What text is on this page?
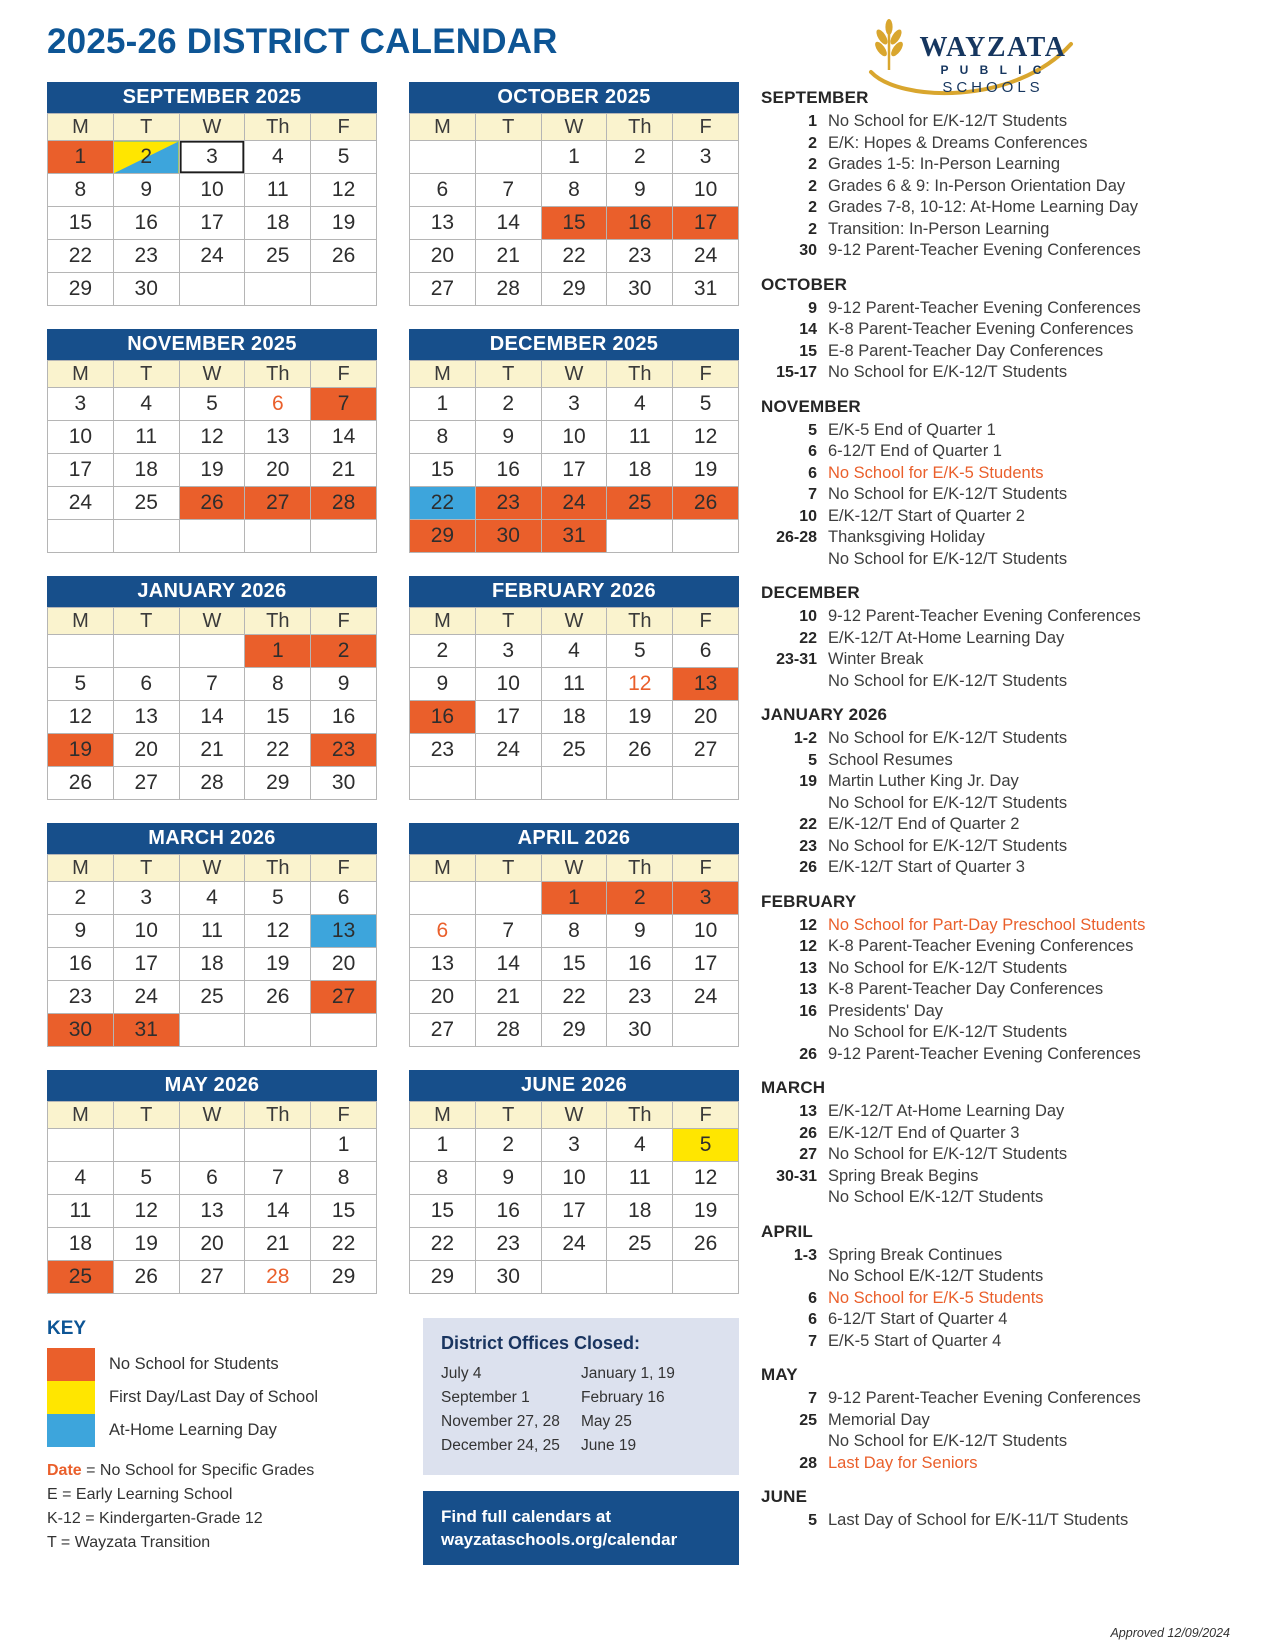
2025-26 DISTRICT CALENDAR	WAYZATA
P U B L I C
SCHOOLS
SEPTEMBER 2025
M	T	W	Th	F
1	2	3	4	5
8	9	10	11	12
15	16	17	18	19
22	23	24	25	26
29	30			
OCTOBER 2025
M	T	W	Th	F
		1	2	3
6	7	8	9	10
13	14	15	16	17
20	21	22	23	24
27	28	29	30	31
NOVEMBER 2025
M	T	W	Th	F
3	4	5	6	7
10	11	12	13	14
17	18	19	20	21
24	25	26	27	28

DECEMBER 2025
M	T	W	Th	F
1	2	3	4	5
8	9	10	11	12
15	16	17	18	19
22	23	24	25	26
29	30	31		
JANUARY 2026
M	T	W	Th	F
			1	2
5	6	7	8	9
12	13	14	15	16
19	20	21	22	23
26	27	28	29	30
FEBRUARY 2026
M	T	W	Th	F
2	3	4	5	6
9	10	11	12	13
16	17	18	19	20
23	24	25	26	27

MARCH 2026
M	T	W	Th	F
2	3	4	5	6
9	10	11	12	13
16	17	18	19	20
23	24	25	26	27
30	31			
APRIL 2026
M	T	W	Th	F
		1	2	3
6	7	8	9	10
13	14	15	16	17
20	21	22	23	24
27	28	29	30	
MAY 2026
M	T	W	Th	F
				1
4	5	6	7	8
11	12	13	14	15
18	19	20	21	22
25	26	27	28	29
JUNE 2026
M	T	W	Th	F
1	2	3	4	5
8	9	10	11	12
15	16	17	18	19
22	23	24	25	26
29	30			
KEY
No School for Students
First Day/Last Day of School
At-Home Learning Day
Date = No School for Specific Grades
E = Early Learning School
K-12 = Kindergarten-Grade 12
T = Wayzata Transition
District Offices Closed:
July 4
September 1
November 27, 28
December 24, 25
January 1, 19
February 16
May 25
June 19
Find full calendars at
wayzataschools.org/calendar
SEPTEMBER
1 No School for E/K-12/T Students
2 E/K: Hopes & Dreams Conferences
2 Grades 1-5: In-Person Learning
2 Grades 6 & 9: In-Person Orientation Day
2 Grades 7-8, 10-12: At-Home Learning Day
2 Transition: In-Person Learning
30 9-12 Parent-Teacher Evening Conferences
OCTOBER
9 9-12 Parent-Teacher Evening Conferences
14 K-8 Parent-Teacher Evening Conferences
15 E-8 Parent-Teacher Day Conferences
15-17 No School for E/K-12/T Students
NOVEMBER
5 E/K-5 End of Quarter 1
6 6-12/T End of Quarter 1
6 No School for E/K-5 Students
7 No School for E/K-12/T Students
10 E/K-12/T Start of Quarter 2
26-28 Thanksgiving Holiday
No School for E/K-12/T Students
DECEMBER
10 9-12 Parent-Teacher Evening Conferences
22 E/K-12/T At-Home Learning Day
23-31 Winter Break
No School for E/K-12/T Students
JANUARY 2026
1-2 No School for E/K-12/T Students
5 School Resumes
19 Martin Luther King Jr. Day
No School for E/K-12/T Students
22 E/K-12/T End of Quarter 2
23 No School for E/K-12/T Students
26 E/K-12/T Start of Quarter 3
FEBRUARY
12 No School for Part-Day Preschool Students
12 K-8 Parent-Teacher Evening Conferences
13 No School for E/K-12/T Students
13 K-8 Parent-Teacher Day Conferences
16 Presidents' Day
No School for E/K-12/T Students
26 9-12 Parent-Teacher Evening Conferences
MARCH
13 E/K-12/T At-Home Learning Day
26 E/K-12/T End of Quarter 3
27 No School for E/K-12/T Students
30-31 Spring Break Begins
No School E/K-12/T Students
APRIL
1-3 Spring Break Continues
No School E/K-12/T Students
6 No School for E/K-5 Students
6 6-12/T Start of Quarter 4
7 E/K-5 Start of Quarter 4
MAY
7 9-12 Parent-Teacher Evening Conferences
25 Memorial Day
No School for E/K-12/T Students
28 Last Day for Seniors
JUNE
5 Last Day of School for E/K-11/T Students
Approved 12/09/2024
